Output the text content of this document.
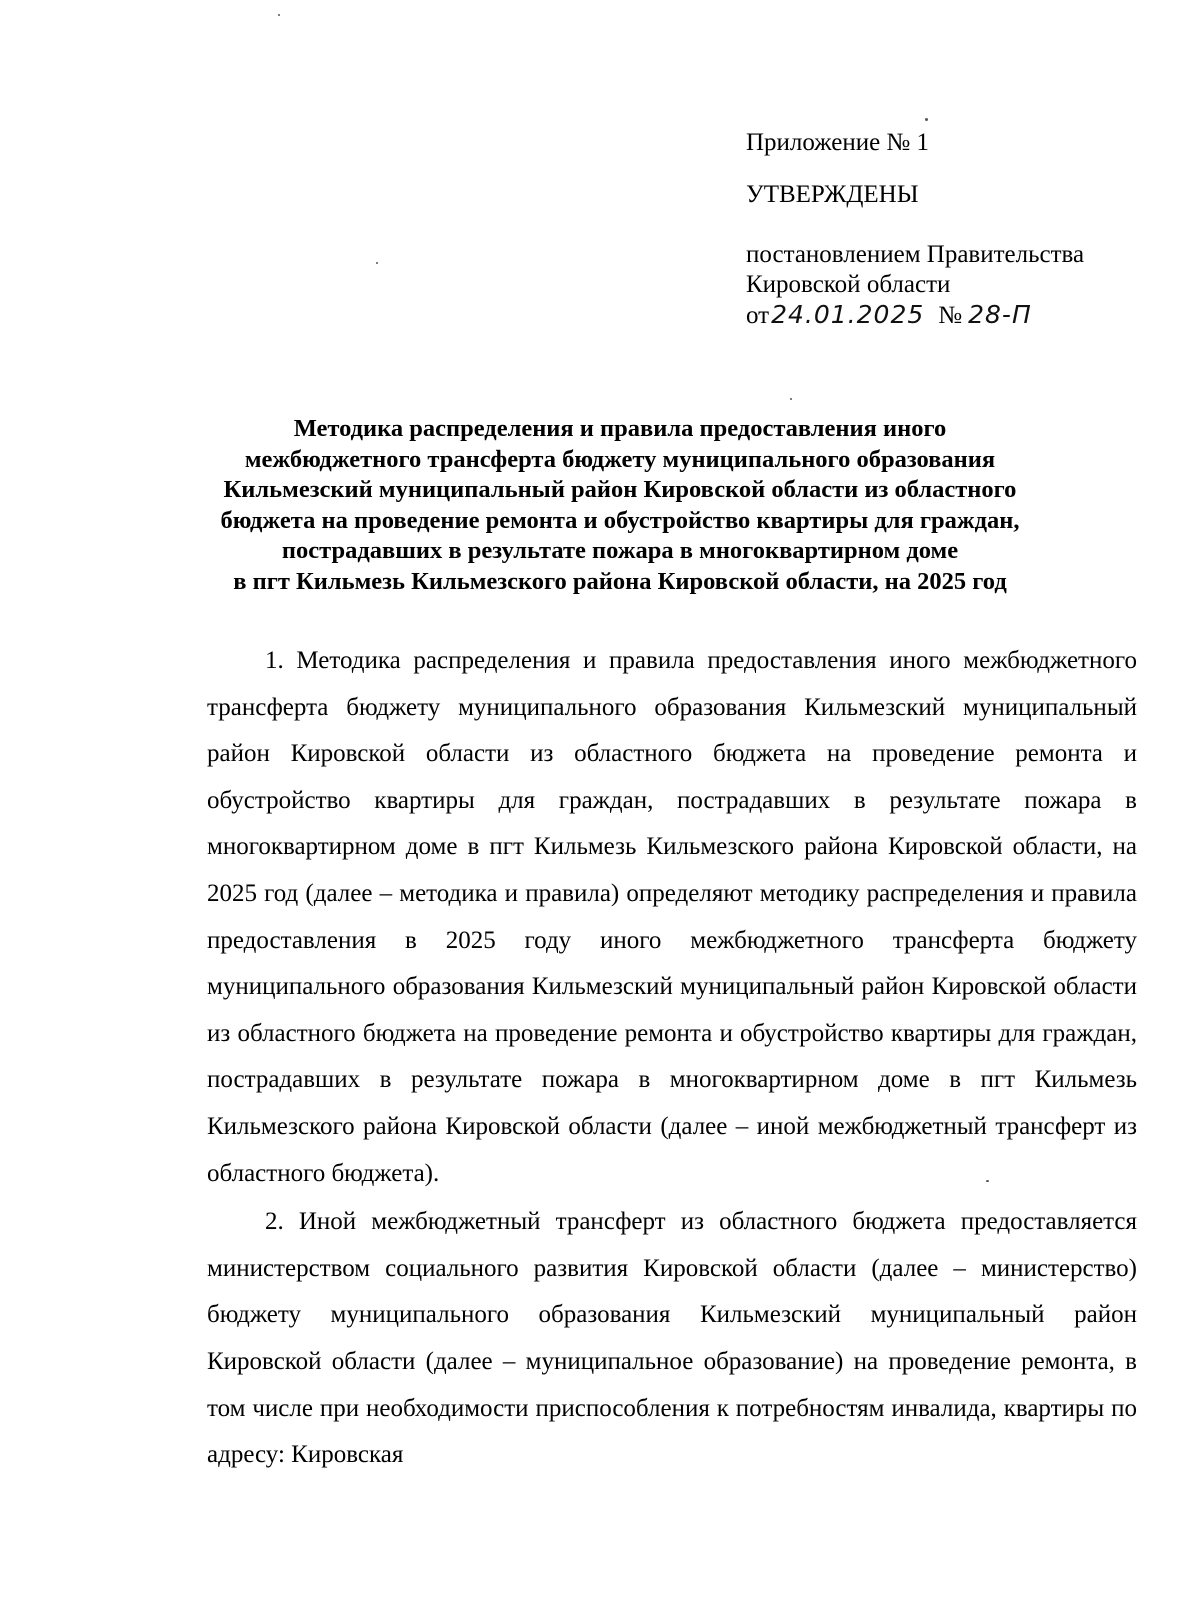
Приложение № 1
УТВЕРЖДЕНЫ
постановлением Правительства
Кировской области
от24.01.2025 № 28-П
Методика распределения и правила предоставления иного
межбюджетного трансферта бюджету муниципального образования
Кильмезский муниципальный район Кировской области из областного
бюджета на проведение ремонта и обустройство квартиры для граждан,
пострадавших в результате пожара в многоквартирном доме
в пгт Кильмезь Кильмезского района Кировской области, на 2025 год

1. Методика распределения и правила предоставления иного межбюджетного трансферта бюджету муниципального образования Кильмезский муниципальный район Кировской области из областного бюджета на проведение ремонта и обустройство квартиры для граждан, пострадавших в результате пожара в многоквартирном доме в пгт Кильмезь Кильмезского района Кировской области, на 2025 год (далее – методика и правила) определяют методику распределения и правила предоставления в 2025 году иного межбюджетного трансферта бюджету муниципального образования Кильмезский муниципальный район Кировской области из областного бюджета на проведение ремонта и обустройство квартиры для граждан, пострадавших в результате пожара в многоквартирном доме в пгт Кильмезь Кильмезского района Кировской области (далее – иной межбюджетный трансферт из областного бюджета).

2. Иной межбюджетный трансферт из областного бюджета предоставляется министерством социального развития Кировской области (далее – министерство) бюджету муниципального образования Кильмезский муниципальный район Кировской области (далее – муниципальное образование) на проведение ремонта, в том числе при необходимости приспособления к потребностям инвалида, квартиры по адресу: Кировская
